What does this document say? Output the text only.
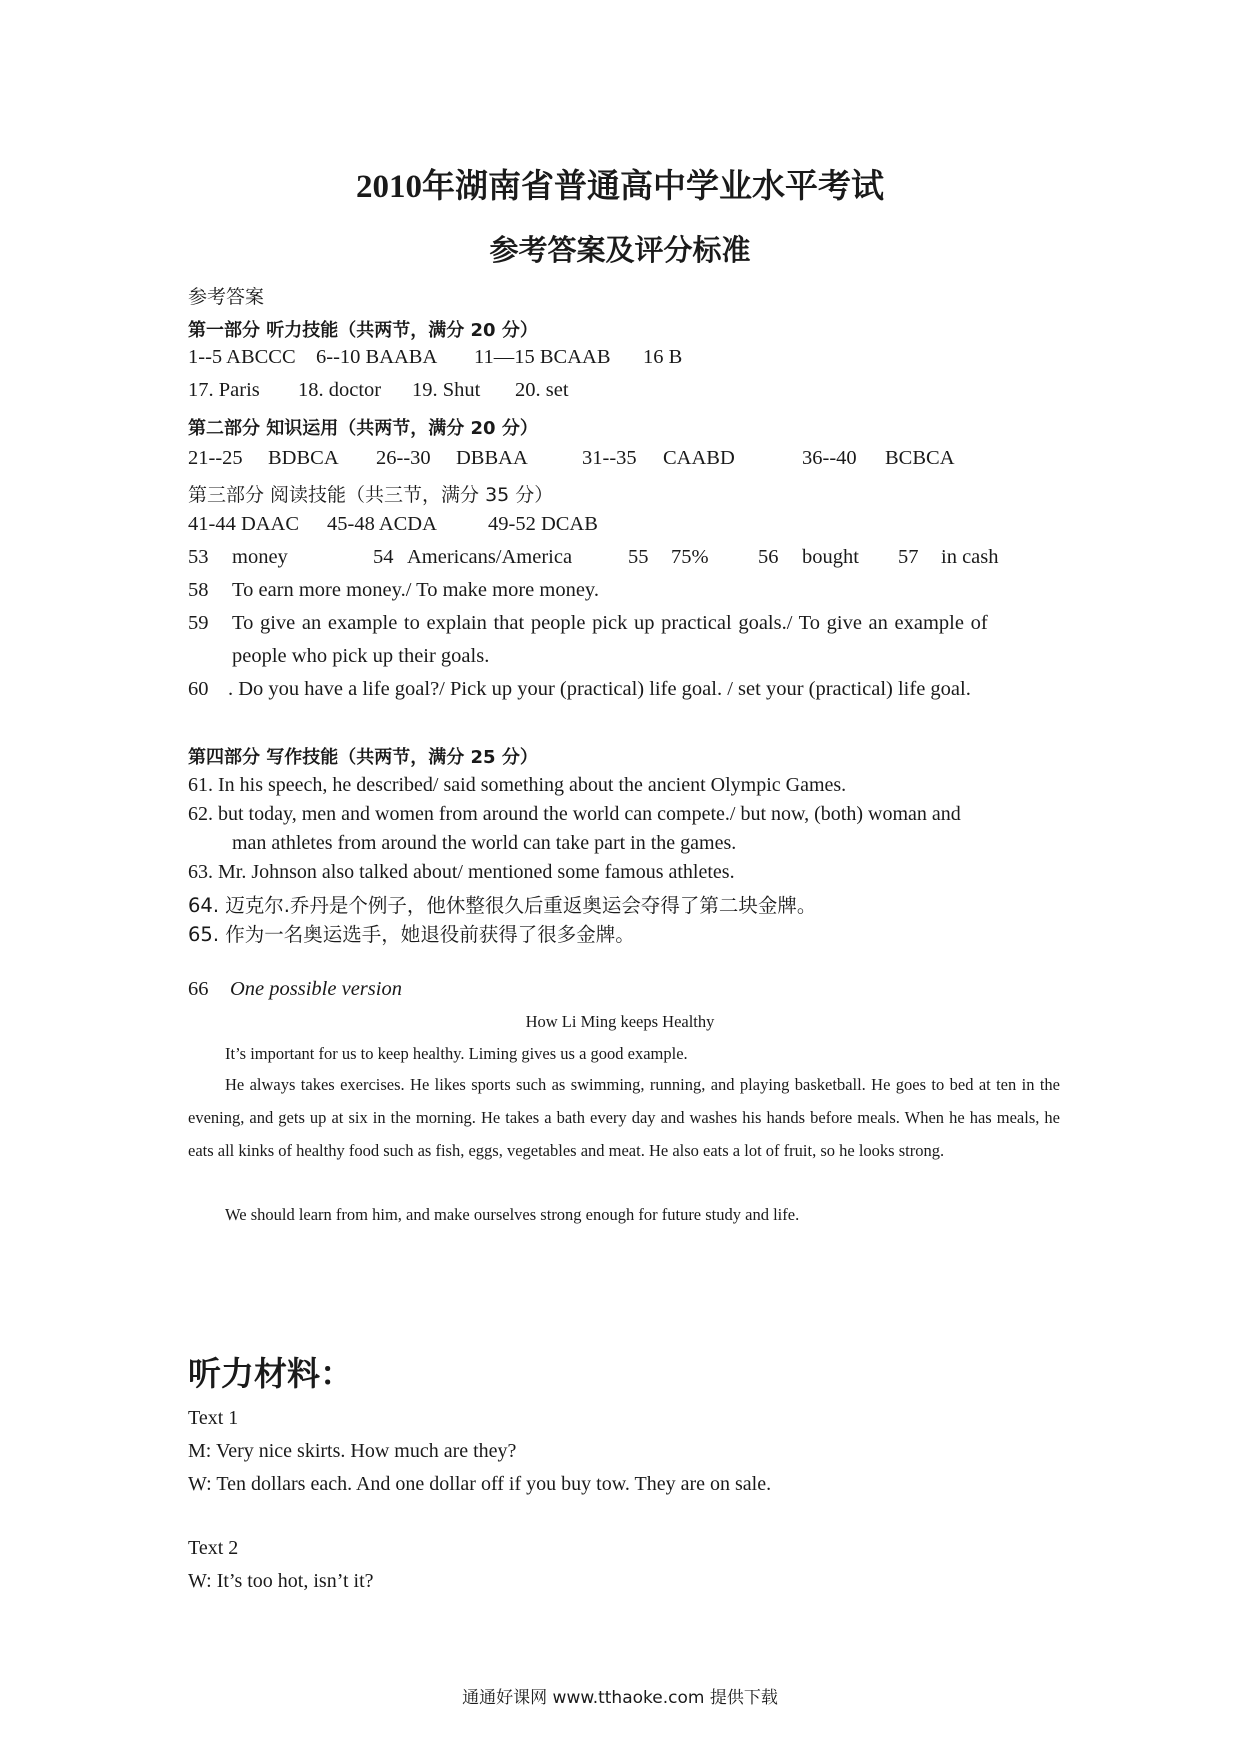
2010年湖南省普通高中学业水平考试
参考答案及评分标准
参考答案
第一部分 听力技能（共两节，满分 20 分）
1--5 ABCCC 6--10 BAABA 11—15 BCAAB 16 B
17. Paris 18. doctor 19. Shut 20. set
第二部分 知识运用（共两节，满分 20 分）
21--25 BDBCA 26--30 DBBAA	31--35 CAABD	36--40 BCBCA
第三部分 阅读技能（共三节，满分 35 分）
41-44 DAAC 45-48 ACDA 49-52 DCAB
53 money	54 Americans/America	55 75% 56 bought 57 in cash
58 To earn more money./ To make more money.
59 To give an example to explain that people pick up practical goals./ To give an example of
people who pick up their goals.
60 . Do you have a life goal?/ Pick up your (practical) life goal. / set your (practical) life goal.
第四部分 写作技能（共两节，满分 25 分）
61. In his speech, he described/ said something about the ancient Olympic Games.
62. but today, men and women from around the world can compete./ but now, (both) woman and
man athletes from around the world can take part in the games.
63. Mr. Johnson also talked about/ mentioned some famous athletes.
64. 迈克尔.乔丹是个例子，他休整很久后重返奥运会夺得了第二块金牌。
65. 作为一名奥运选手，她退役前获得了很多金牌。
66 One possible version
How Li Ming keeps Healthy
It’s important for us to keep healthy. Liming gives us a good example.
He always takes exercises. He likes sports such as swimming, running, and playing basketball. He goes to bed at ten in the evening, and gets up at six in the morning. He takes a bath every day and washes his hands before meals. When he has meals, he eats all kinks of healthy food such as fish, eggs, vegetables and meat. He also eats a lot of fruit, so he looks strong.
We should learn from him, and make ourselves strong enough for future study and life.
听力材料：
Text 1
M: Very nice skirts. How much are they?
W: Ten dollars each. And one dollar off if you buy tow. They are on sale.
Text 2
W: It’s too hot, isn’t it?
通通好课网 www.tthaoke.com 提供下载
